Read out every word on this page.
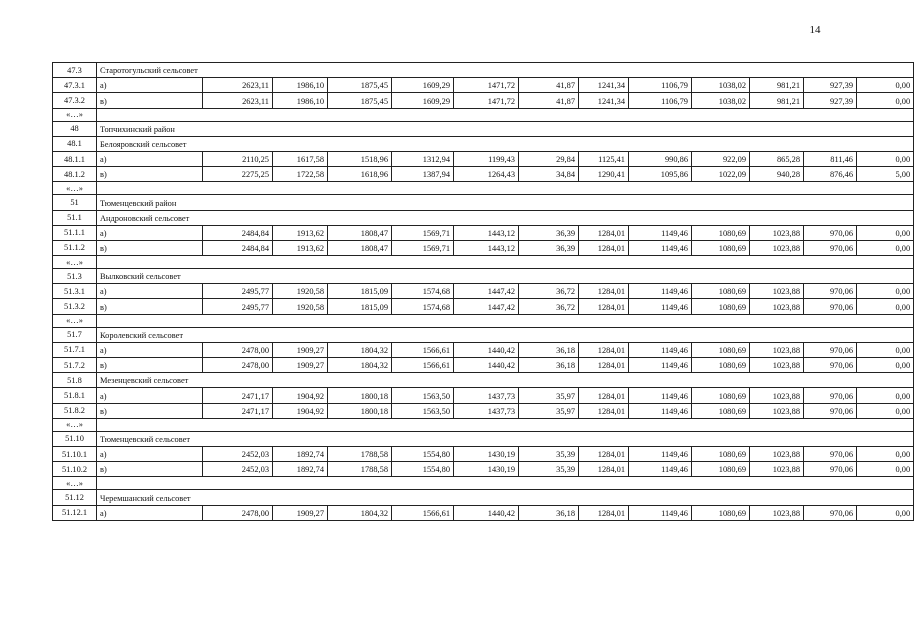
14
47.3	Старотогульский сельсовет												
47.3.1	а)	2623,11	1986,10	1875,45	1609,29	1471,72	41,87	1241,34	1106,79	1038,02	981,21	927,39	0,00
47.3.2	в)	2623,11	1986,10	1875,45	1609,29	1471,72	41,87	1241,34	1106,79	1038,02	981,21	927,39	0,00
«…»													
48	Топчихинский район												
48.1	Белояровский сельсовет												
48.1.1	а)	2110,25	1617,58	1518,96	1312,94	1199,43	29,84	1125,41	990,86	922,09	865,28	811,46	0,00
48.1.2	в)	2275,25	1722,58	1618,96	1387,94	1264,43	34,84	1290,41	1095,86	1022,09	940,28	876,46	5,00
«…»													
51	Тюменцевский район												
51.1	Андроновский сельсовет												
51.1.1	а)	2484,84	1913,62	1808,47	1569,71	1443,12	36,39	1284,01	1149,46	1080,69	1023,88	970,06	0,00
51.1.2	в)	2484,84	1913,62	1808,47	1569,71	1443,12	36,39	1284,01	1149,46	1080,69	1023,88	970,06	0,00
«…»													
51.3	Вылковский сельсовет												
51.3.1	а)	2495,77	1920,58	1815,09	1574,68	1447,42	36,72	1284,01	1149,46	1080,69	1023,88	970,06	0,00
51.3.2	в)	2495,77	1920,58	1815,09	1574,68	1447,42	36,72	1284,01	1149,46	1080,69	1023,88	970,06	0,00
«…»													
51.7	Королевский сельсовет												
51.7.1	а)	2478,00	1909,27	1804,32	1566,61	1440,42	36,18	1284,01	1149,46	1080,69	1023,88	970,06	0,00
51.7.2	в)	2478,00	1909,27	1804,32	1566,61	1440,42	36,18	1284,01	1149,46	1080,69	1023,88	970,06	0,00
51.8	Мезенцевский сельсовет												
51.8.1	а)	2471,17	1904,92	1800,18	1563,50	1437,73	35,97	1284,01	1149,46	1080,69	1023,88	970,06	0,00
51.8.2	в)	2471,17	1904,92	1800,18	1563,50	1437,73	35,97	1284,01	1149,46	1080,69	1023,88	970,06	0,00
«…»													
51.10	Тюменцевский сельсовет												
51.10.1	а)	2452,03	1892,74	1788,58	1554,80	1430,19	35,39	1284,01	1149,46	1080,69	1023,88	970,06	0,00
51.10.2	в)	2452,03	1892,74	1788,58	1554,80	1430,19	35,39	1284,01	1149,46	1080,69	1023,88	970,06	0,00
«…»													
51.12	Черемшанский сельсовет												
51.12.1	а)	2478,00	1909,27	1804,32	1566,61	1440,42	36,18	1284,01	1149,46	1080,69	1023,88	970,06	0,00
